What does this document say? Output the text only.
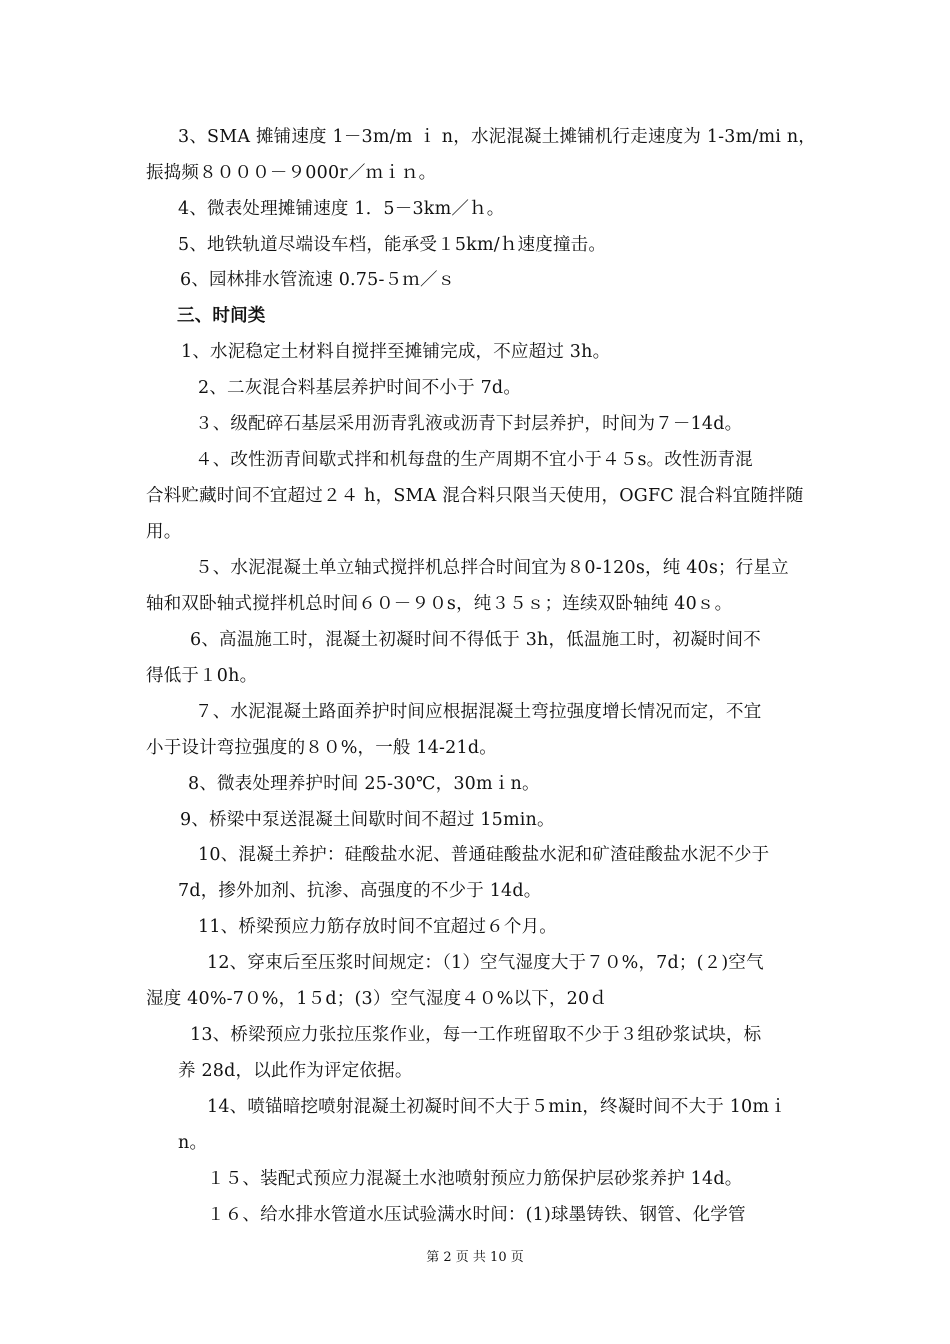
3、SMA 摊铺速度 1－3m/m ｉ n，水泥混凝土摊铺机行走速度为 1-3m/mi n，
振捣频８０００－９000r／ｍｉｎ。
4、微表处理摊铺速度 1．5－3km／ｈ。
5、地铁轨道尽端设车档，能承受１5km/ｈ速度撞击。
6、园林排水管流速 0.75-５ｍ／ｓ
三、时间类
1、水泥稳定土材料自搅拌至摊铺完成，不应超过 3h。
2、二灰混合料基层养护时间不小于 7d。
３、级配碎石基层采用沥青乳液或沥青下封层养护，时间为７－14d。
４、改性沥青间歇式拌和机每盘的生产周期不宜小于４５s。改性沥青混
合料贮藏时间不宜超过２４ h，SMA 混合料只限当天使用，OGFC 混合料宜随拌随
用。
５、水泥混凝土单立轴式搅拌机总拌合时间宜为８0-120s，纯 40s；行星立
轴和双卧轴式搅拌机总时间６０－９０s，纯３５ｓ；连续双卧轴纯 40ｓ。
6、高温施工时，混凝土初凝时间不得低于 3h，低温施工时，初凝时间不
得低于１0h。
７、水泥混凝土路面养护时间应根据混凝土弯拉强度增长情况而定，不宜
小于设计弯拉强度的８０%，一般 14-21d。
8、微表处理养护时间 25-30℃，30mｉn。
9、桥梁中泵送混凝土间歇时间不超过 15min。
10、混凝土养护：硅酸盐水泥、普通硅酸盐水泥和矿渣硅酸盐水泥不少于
7d，掺外加剂、抗渗、高强度的不少于 14d。
11、桥梁预应力筋存放时间不宜超过６个月。
12、穿束后至压浆时间规定：（1）空气湿度大于７０%，7d；(２)空气
湿度 40%-7０%，1５d；(3）空气湿度４０%以下，20ｄ
13、桥梁预应力张拉压浆作业，每一工作班留取不少于３组砂浆试块，标
养 28d，以此作为评定依据。
14、喷锚暗挖喷射混凝土初凝时间不大于５min，终凝时间不大于 10mｉ
n。
１５、装配式预应力混凝土水池喷射预应力筋保护层砂浆养护 14d。
１６、给水排水管道水压试验满水时间：(1)球墨铸铁、钢管、化学管
第 2 页 共 10 页
